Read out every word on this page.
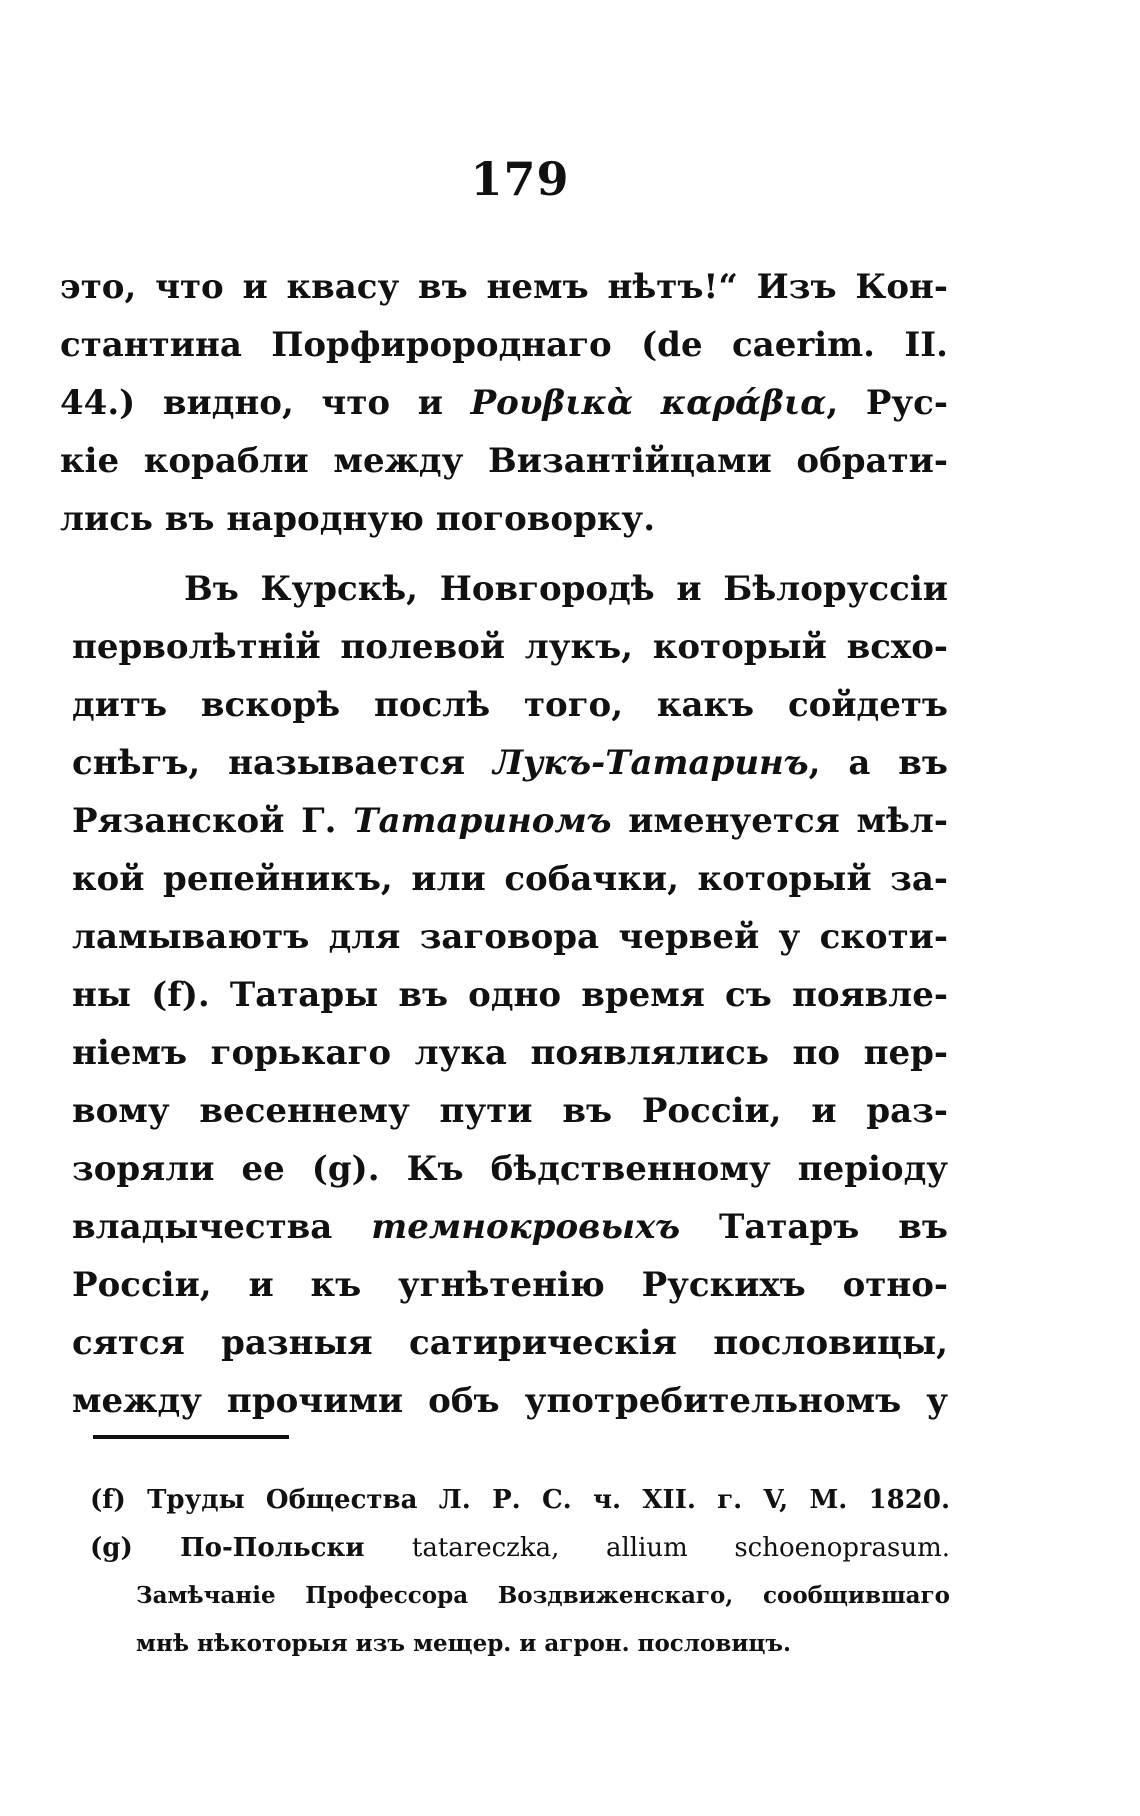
179
это, что и квасу въ немъ нѣтъ!“ Изъ Кон-
стантина Порфиророднаго (de caerim. II.
44.) видно, что и Ρουβικὰ καράβια, Рус-
кіе корабли между Византійцами обрати-
лись въ народную поговорку.
Въ Курскѣ, Новгородѣ и Бѣлоруссіи
перволѣтній полевой лукъ, который всхо-
дитъ вскорѣ послѣ того, какъ сойдетъ
снѣгъ, называется Лукъ-Татаринъ, а въ
Рязанской Г. Татариномъ именуется мѣл-
кой репейникъ, или собачки, который за-
ламываютъ для заговора червей у скоти-
ны (f). Татары въ одно время съ появле-
ніемъ горькаго лука появлялись по пер-
вому весеннему пути въ Россіи, и раз-
зоряли ее (g). Къ бѣдственному періоду
владычества темнокровыхъ Татаръ въ
Россіи, и къ угнѣтенію Рускихъ отно-
сятся разныя сатирическія пословицы,
между прочими объ употребительномъ у
(f) Труды Общества Л. Р. С. ч. XII. г. V, М. 1820.
(g) По-Польски tatareczka, allium schoenoprasum.
Замѣчаніе Профессора Воздвиженскаго, сообщившаго
мнѣ нѣкоторыя изъ мещер. и агрон. пословицъ.
